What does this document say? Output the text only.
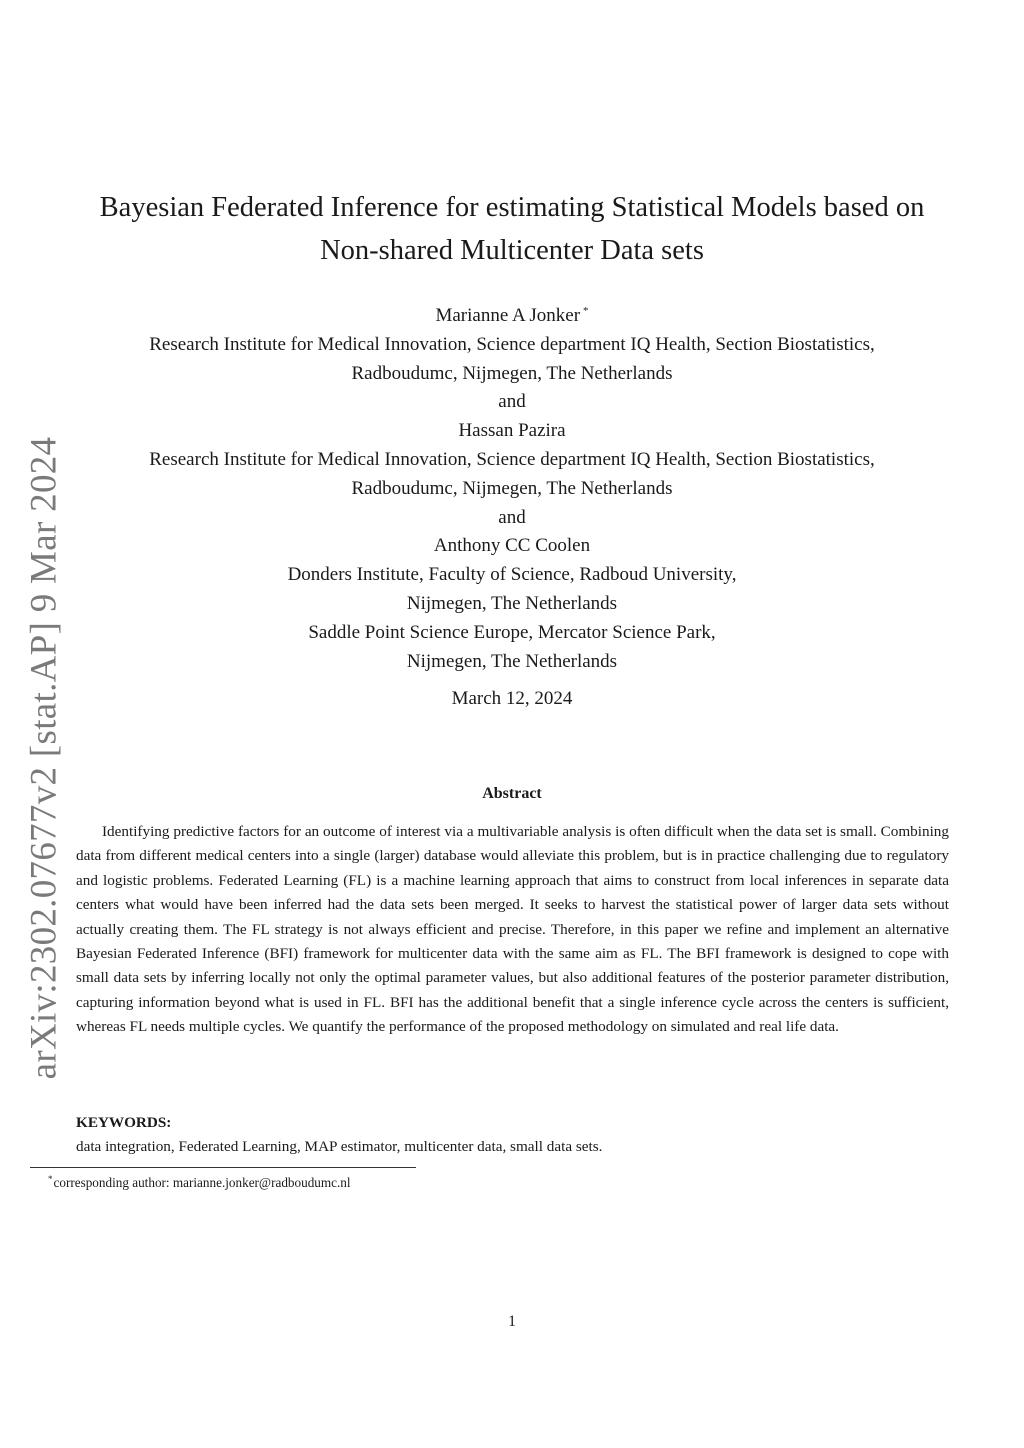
arXiv:2302.07677v2 [stat.AP] 9 Mar 2024
Bayesian Federated Inference for estimating Statistical Models based on
Non-shared Multicenter Data sets
Marianne A Jonker *
Research Institute for Medical Innovation, Science department IQ Health, Section Biostatistics,
Radboudumc, Nijmegen, The Netherlands
and
Hassan Pazira
Research Institute for Medical Innovation, Science department IQ Health, Section Biostatistics,
Radboudumc, Nijmegen, The Netherlands
and
Anthony CC Coolen
Donders Institute, Faculty of Science, Radboud University,
Nijmegen, The Netherlands
Saddle Point Science Europe, Mercator Science Park,
Nijmegen, The Netherlands
March 12, 2024
Abstract

Identifying predictive factors for an outcome of interest via a multivariable analysis is often difficult when the data set is small. Combining data from different medical centers into a single (larger) database would alleviate this problem, but is in practice challenging due to regulatory and logistic problems. Federated Learning (FL) is a machine learning approach that aims to construct from local inferences in separate data centers what would have been inferred had the data sets been merged. It seeks to harvest the statistical power of larger data sets without actually creating them. The FL strategy is not always efficient and precise. Therefore, in this paper we refine and implement an alternative Bayesian Federated Inference (BFI) framework for multicenter data with the same aim as FL. The BFI framework is designed to cope with small data sets by inferring locally not only the optimal parameter values, but also additional features of the posterior parameter distribution, capturing information beyond what is used in FL. BFI has the additional benefit that a single inference cycle across the centers is sufficient, whereas FL needs multiple cycles. We quantify the performance of the proposed methodology on simulated and real life data.

KEYWORDS:
data integration, Federated Learning, MAP estimator, multicenter data, small data sets.
*corresponding author: marianne.jonker@radboudumc.nl
1
